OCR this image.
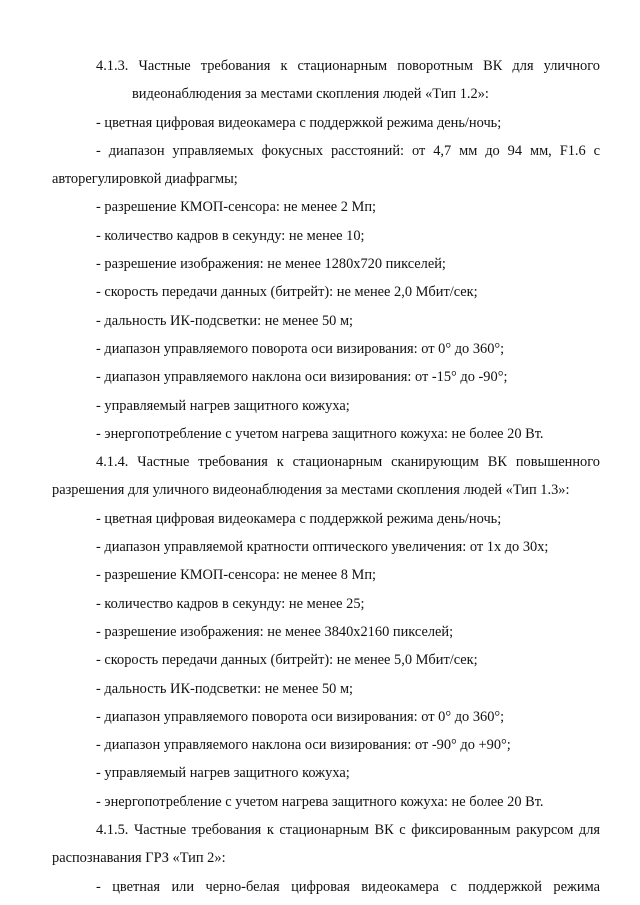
4.1.3. Частные требования к стационарным поворотным ВК для уличного
видеонаблюдения за местами скопления людей «Тип 1.2»:
- цветная цифровая видеокамера с поддержкой режима день/ночь;
- диапазон управляемых фокусных расстояний: от 4,7 мм до 94 мм, F1.6 с
авторегулировкой диафрагмы;
- разрешение КМОП-сенсора: не менее 2 Мп;
- количество кадров в секунду: не менее 10;
- разрешение изображения: не менее 1280x720 пикселей;
- скорость передачи данных (битрейт): не менее 2,0 Мбит/сек;
- дальность ИК-подсветки: не менее 50 м;
- диапазон управляемого поворота оси визирования: от 0° до 360°;
- диапазон управляемого наклона оси визирования: от -15° до -90°;
- управляемый нагрев защитного кожуха;
- энергопотребление с учетом нагрева защитного кожуха: не более 20 Вт.
4.1.4. Частные требования к стационарным сканирующим ВК повышенного
разрешения для уличного видеонаблюдения за местами скопления людей «Тип 1.3»:
- цветная цифровая видеокамера с поддержкой режима день/ночь;
- диапазон управляемой кратности оптического увеличения: от 1x до 30x;
- разрешение КМОП-сенсора: не менее 8 Мп;
- количество кадров в секунду: не менее 25;
- разрешение изображения: не менее 3840x2160 пикселей;
- скорость передачи данных (битрейт): не менее 5,0 Мбит/сек;
- дальность ИК-подсветки: не менее 50 м;
- диапазон управляемого поворота оси визирования: от 0° до 360°;
- диапазон управляемого наклона оси визирования: от -90° до +90°;
- управляемый нагрев защитного кожуха;
- энергопотребление с учетом нагрева защитного кожуха: не более 20 Вт.
4.1.5. Частные требования к стационарным ВК с фиксированным ракурсом для
распознавания ГРЗ «Тип 2»:
- цветная или черно-белая цифровая видеокамера с поддержкой режима
